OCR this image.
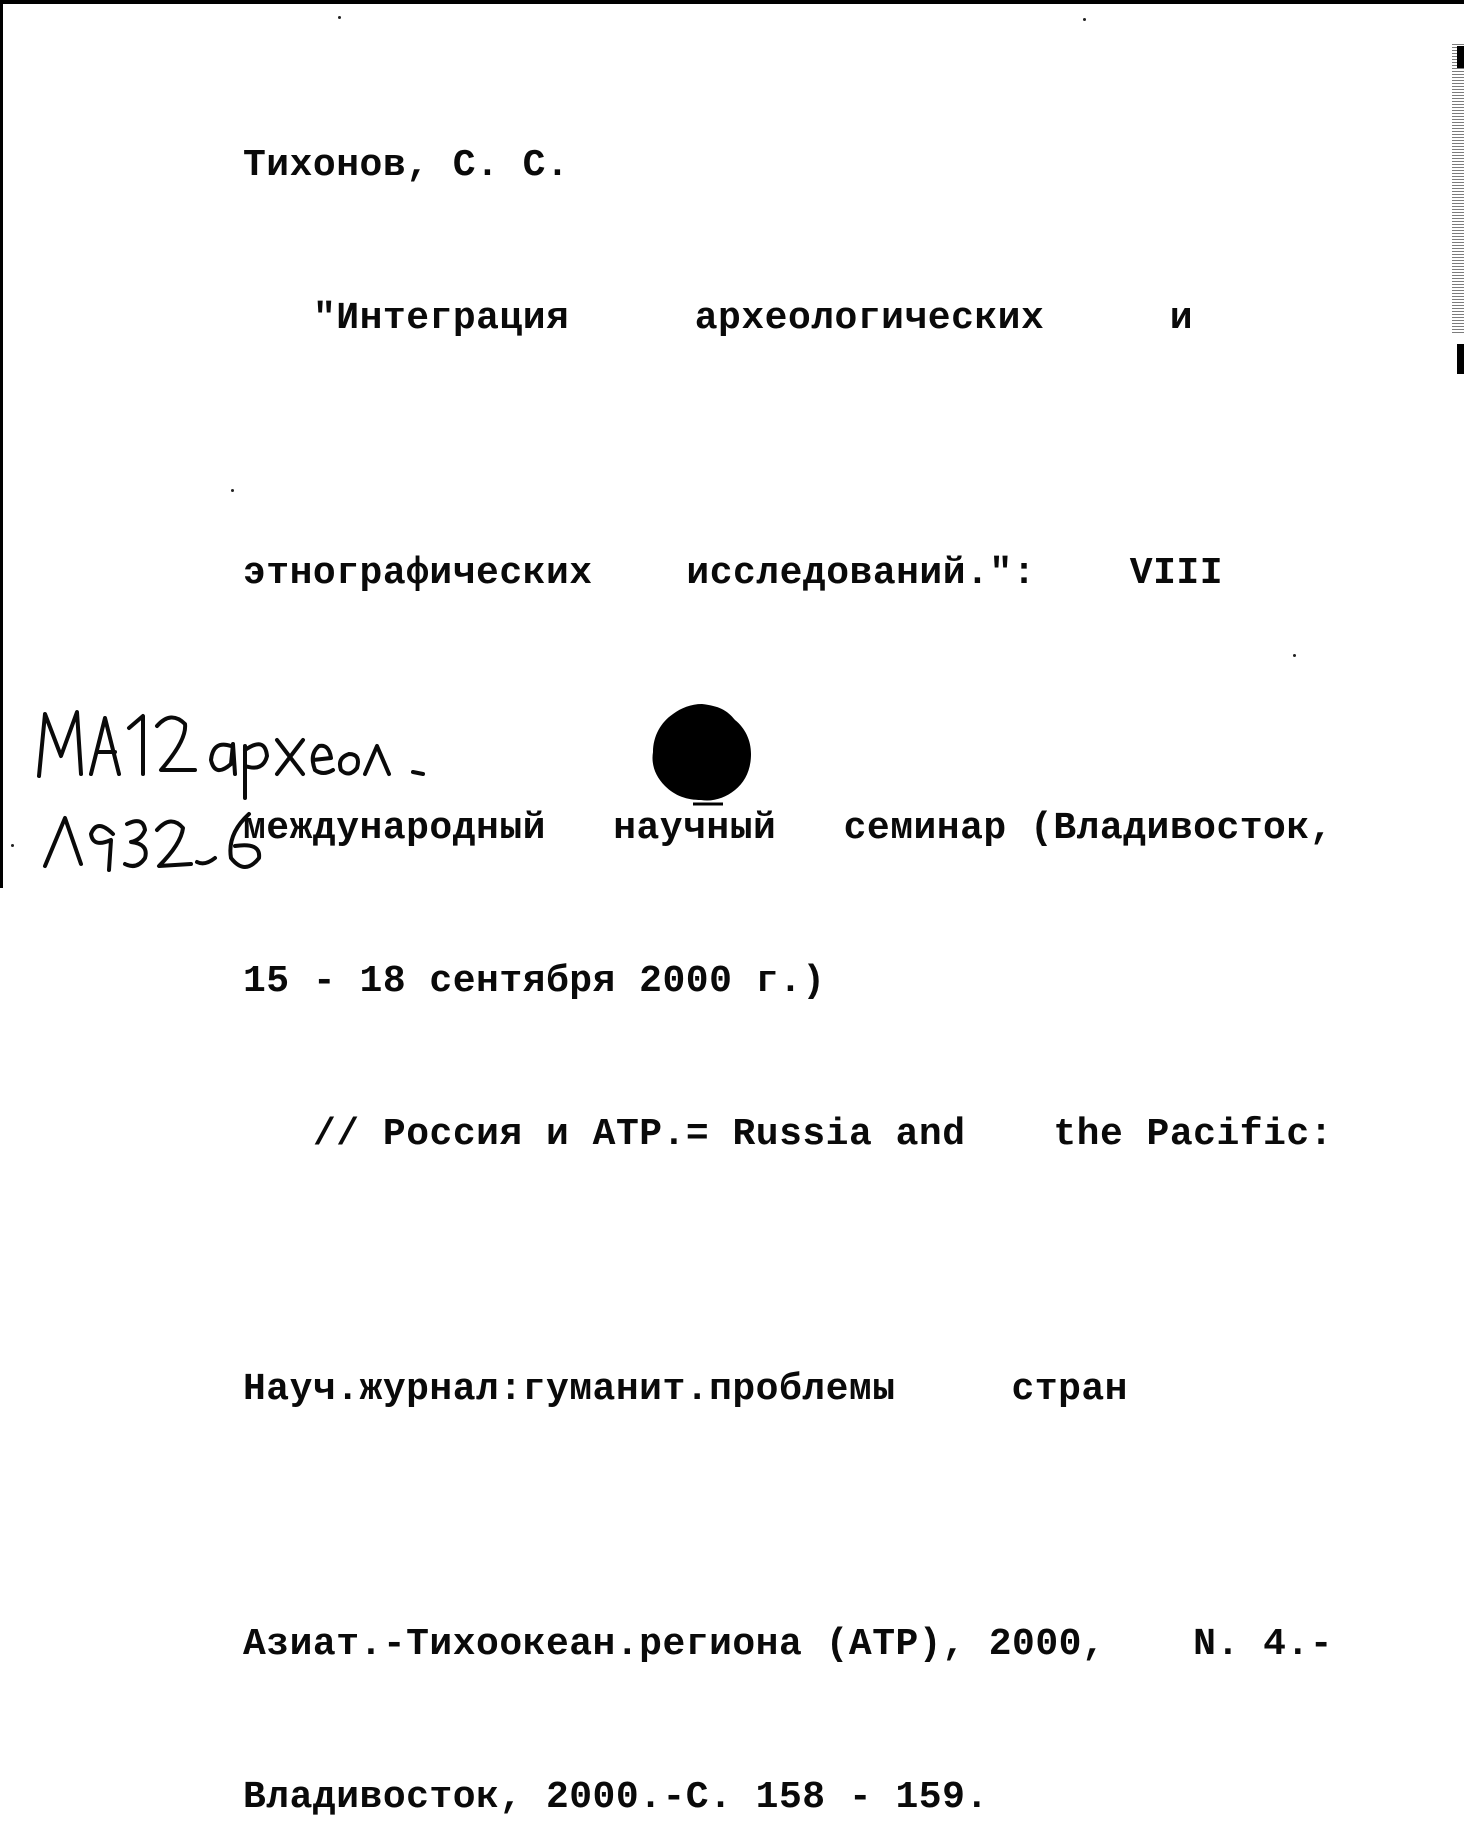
Тихонов, С. С.

"Интеграция	археологических	и

этнографических исследований.": VIII

международный научный семинар (Владивосток,

15 - 18 сентября 2000 г.)

// Россия и АТР.= Russia and the Pacific:

Науч.журнал:гуманит.проблемы	стран

Азиат.-Тихоокеан.региона (АТР), 2000, N. 4.-

Владивосток, 2000.-С. 158 - 159.
